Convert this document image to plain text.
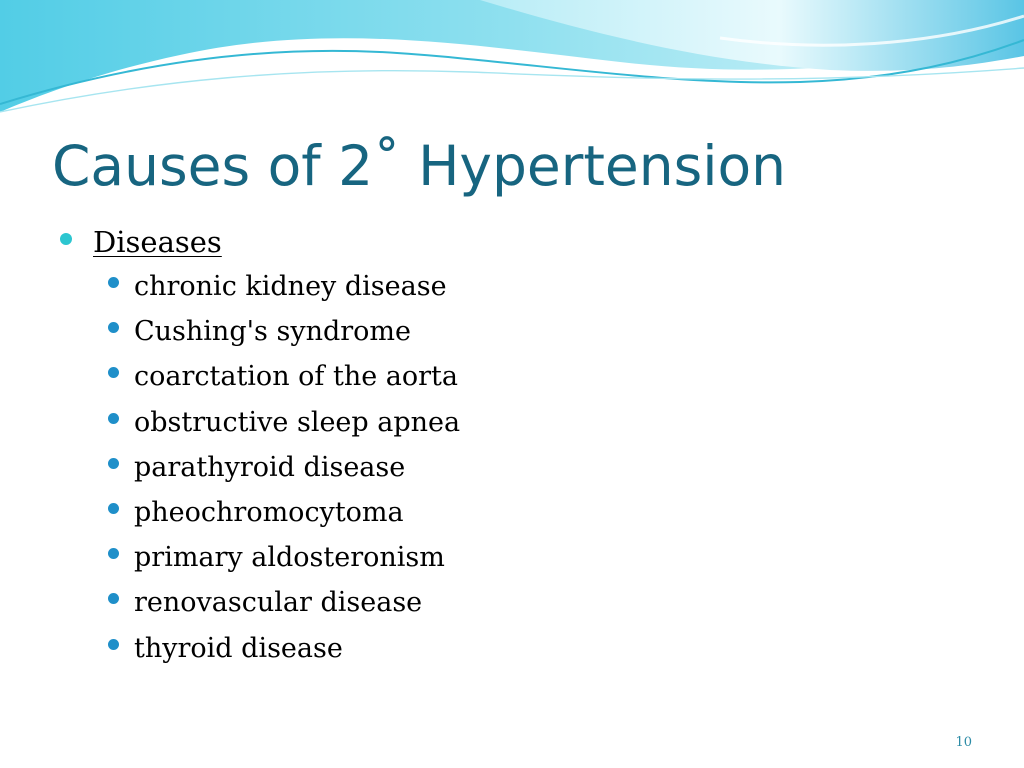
Causes of 2˚ Hypertension
Diseases
chronic kidney disease
Cushing's syndrome
coarctation of the aorta
obstructive sleep apnea
parathyroid disease
pheochromocytoma
primary aldosteronism
renovascular disease
thyroid disease
10
